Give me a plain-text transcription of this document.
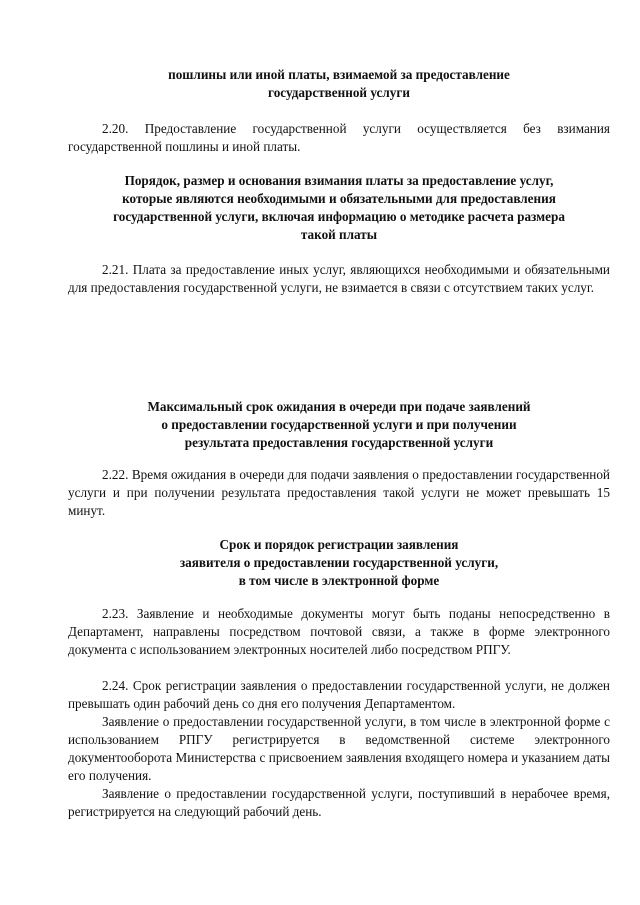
пошлины или иной платы, взимаемой за предоставление
государственной услуги
2.20. Предоставление государственной услуги осуществляется без взимания государственной пошлины и иной платы.
Порядок, размер и основания взимания платы за предоставление услуг,
которые являются необходимыми и обязательными для предоставления
государственной услуги, включая информацию о методике расчета размера
такой платы
2.21. Плата за предоставление иных услуг, являющихся необходимыми и обязательными для предоставления государственной услуги, не взимается в связи с отсутствием таких услуг.
Максимальный срок ожидания в очереди при подаче заявлений
о предоставлении государственной услуги и при получении
результата предоставления государственной услуги
2.22. Время ожидания в очереди для подачи заявления о предоставлении государственной услуги и при получении результата предоставления такой услуги не может превышать 15 минут.
Срок и порядок регистрации заявления
заявителя о предоставлении государственной услуги,
в том числе в электронной форме
2.23. Заявление и необходимые документы могут быть поданы непосредственно в Департамент, направлены посредством почтовой связи, а также в форме электронного документа с использованием электронных носителей либо посредством РПГУ.
2.24. Срок регистрации заявления о предоставлении государственной услуги, не должен превышать один рабочий день со дня его получения Департаментом.
Заявление о предоставлении государственной услуги, в том числе в электронной форме с использованием РПГУ регистрируется в ведомственной системе электронного документооборота Министерства с присвоением заявления входящего номера и указанием даты его получения.
Заявление о предоставлении государственной услуги, поступивший в нерабочее время, регистрируется на следующий рабочий день.
